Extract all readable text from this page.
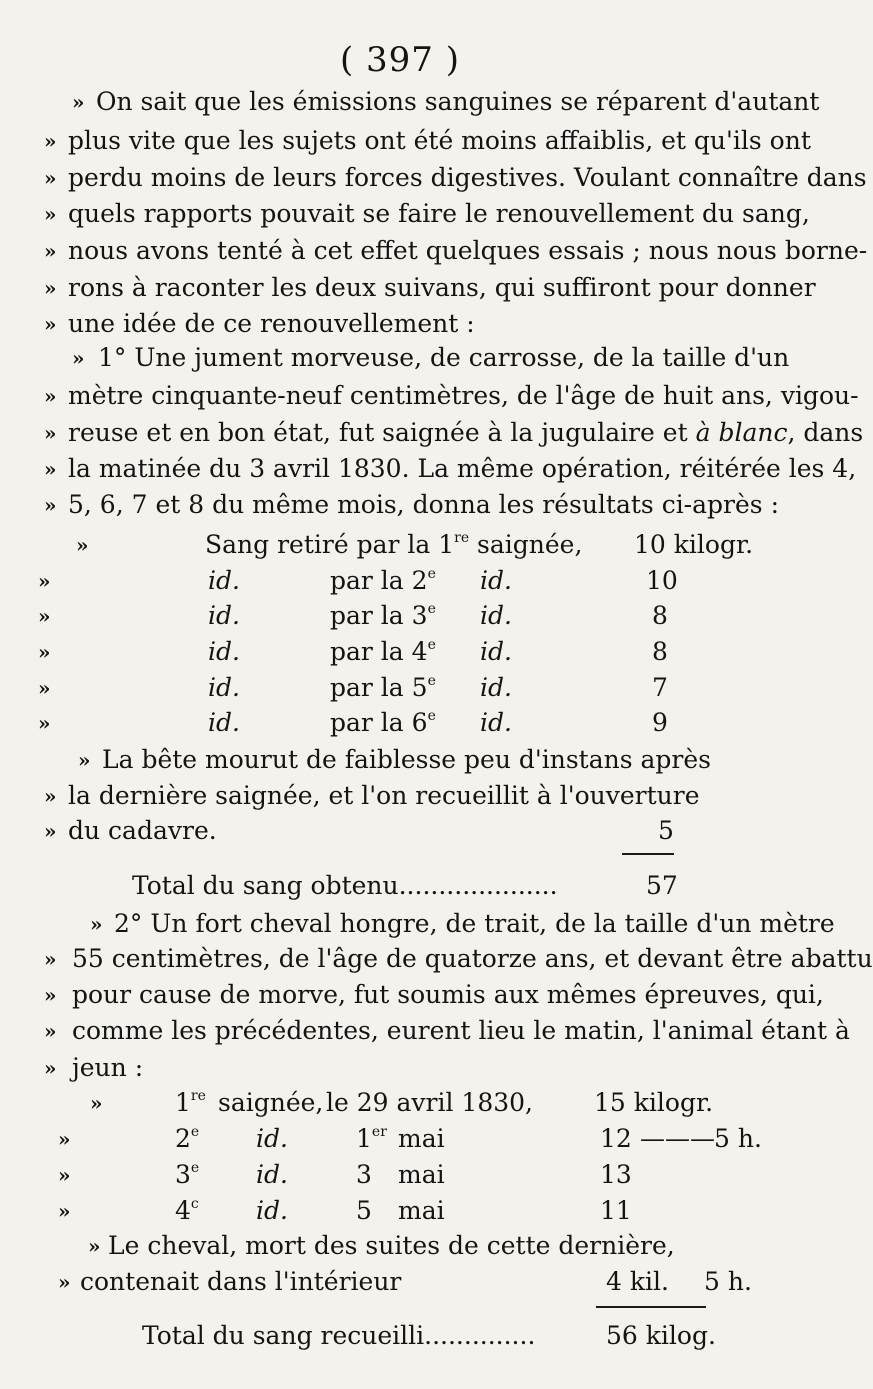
( 397 )
» On sait que les émissions sanguines se réparent d'autant
» plus vite que les sujets ont été moins affaiblis, et qu'ils ont
» perdu moins de leurs forces digestives. Voulant connaître dans
» quels rapports pouvait se faire le renouvellement du sang,
» nous avons tenté à cet effet quelques essais ; nous nous borne-
» rons à raconter les deux suivans, qui suffiront pour donner
» une idée de ce renouvellement :
» 1° Une jument morveuse, de carrosse, de la taille d'un
» mètre cinquante-neuf centimètres, de l'âge de huit ans, vigou-
» reuse et en bon état, fut saignée à la jugulaire et à blanc, dans
» la matinée du 3 avril 1830. La même opération, réitérée les 4,
» 5, 6, 7 et 8 du même mois, donna les résultats ci-après :
»	Sang retiré par la 1re saignée, 10 kilogr.
»	id.	par la 2e id.	10
»	id.	par la 3e id.	8
»	id.	par la 4e id.	8
»	id.	par la 5e id.	7
»	id.	par la 6e id.	9
» La bête mourut de faiblesse peu d'instans après
» la dernière saignée, et l'on recueillit à l'ouverture
» du cadavre.	5
Total du sang obtenu....................	57
» 2° Un fort cheval hongre, de trait, de la taille d'un mètre
» 55 centimètres, de l'âge de quatorze ans, et devant être abattu
» pour cause de morve, fut soumis aux mêmes épreuves, qui,
» comme les précédentes, eurent lieu le matin, l'animal étant à
» jeun :
»	1re saignée, le 29 avril 1830, 15 kilogr.
»	2e id.	1er mai	12 ——— 5 h.
»	3e id.	3 mai	13
»	4$^c$ id.	5 mai	11
» Le cheval, mort des suites de cette dernière,
» contenait dans l'intérieur	4 kil. 5 h.
Total du sang recueilli..............	56 kilog.
